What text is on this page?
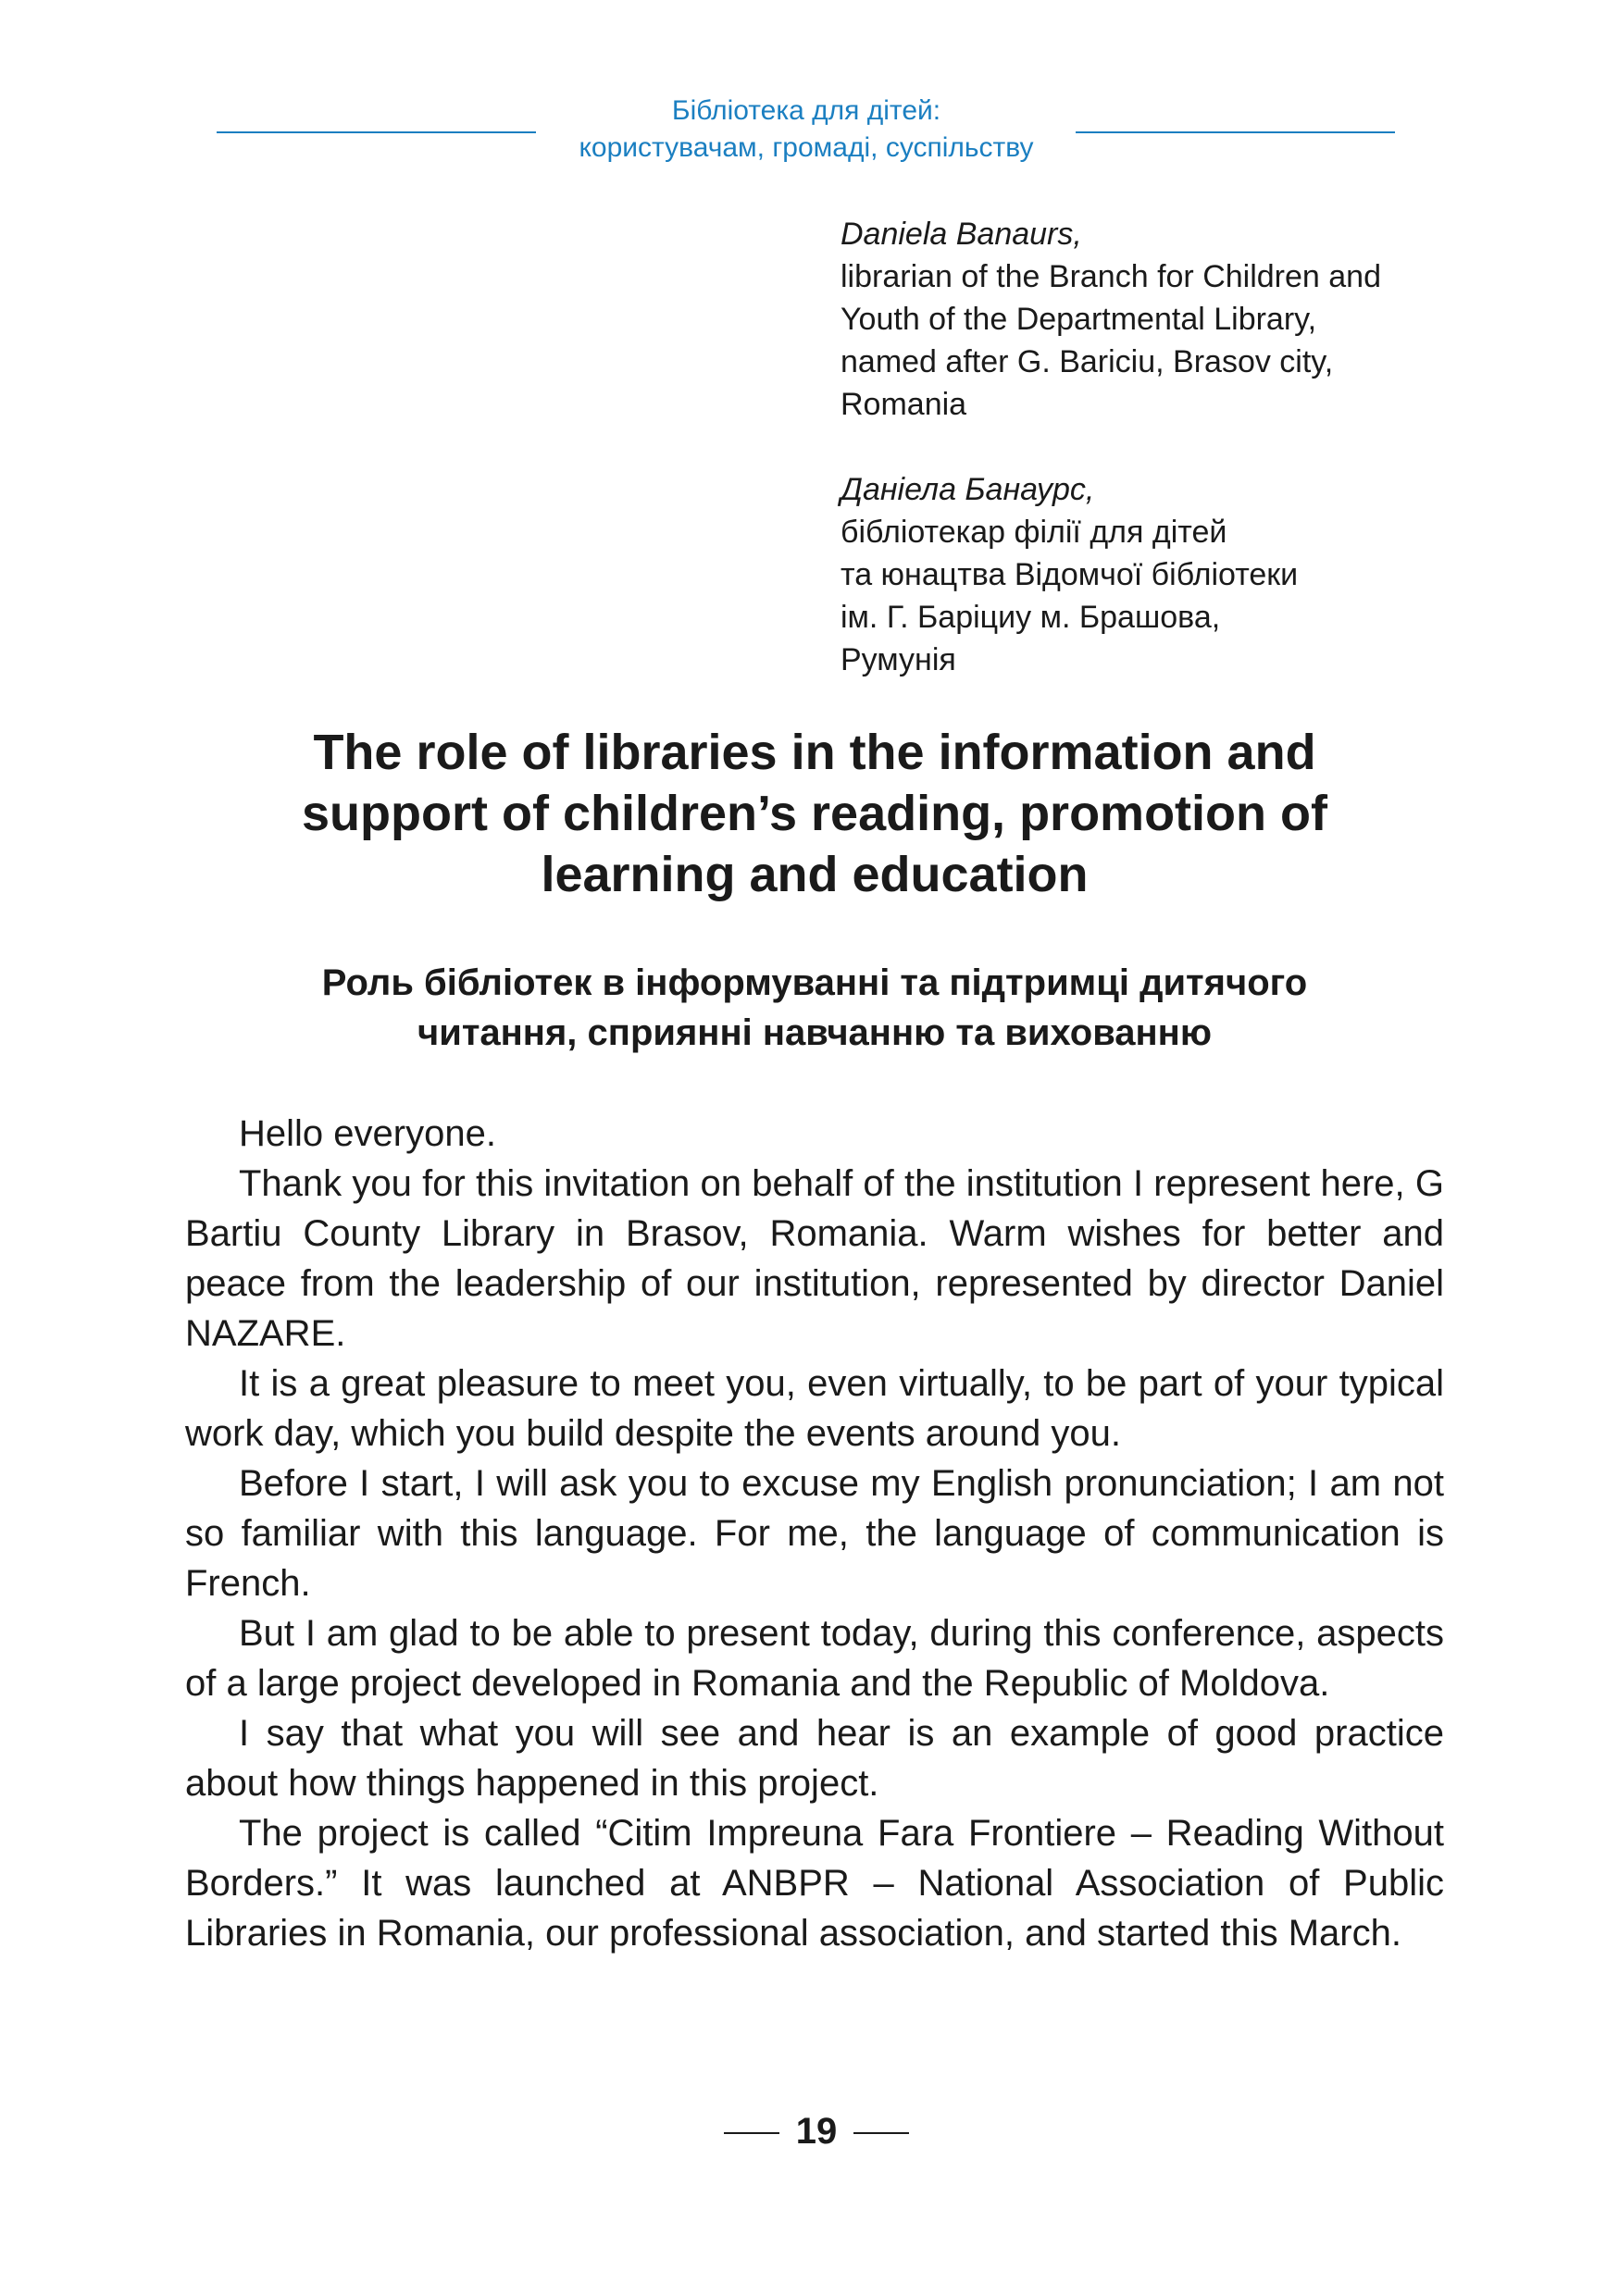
Бібліотека для дітей:
користувачам, громаді, суспільству
Daniela Banaurs,
librarian of the Branch for Children and
Youth of the Departmental Library,
named after G. Bariciu, Brasov city,
Romania
Даніела Банаурс,
бібліотекар філії для дітей
та юнацтва Відомчої бібліотеки
ім. Г. Баріциу м. Брашова,
Румунія
The role of libraries in the information and
support of children’s reading, promotion of
learning and education
Роль бібліотек в інформуванні та підтримці дитячого
читання, сприянні навчанню та вихованню

Hello everyone.

Thank you for this invitation on behalf of the institution I represent here, G Bartiu County Library in Brasov, Romania. Warm wishes for better and peace from the leadership of our institution, represented by director Daniel NAZARE.

It is a great pleasure to meet you, even virtually, to be part of your typical work day, which you build despite the events around you.

Before I start, I will ask you to excuse my English pronunciation; I am not so familiar with this language. For me, the language of communication is French.

But I am glad to be able to present today, during this conference, aspects of a large project developed in Romania and the Republic of Moldova.

I say that what you will see and hear is an example of good practice about how things happened in this project.

The project is called “Citim Impreuna Fara Frontiere – Reading Without Borders.” It was launched at ANBPR – National Association of Public Libraries in Romania, our professional association, and started this March.

19
